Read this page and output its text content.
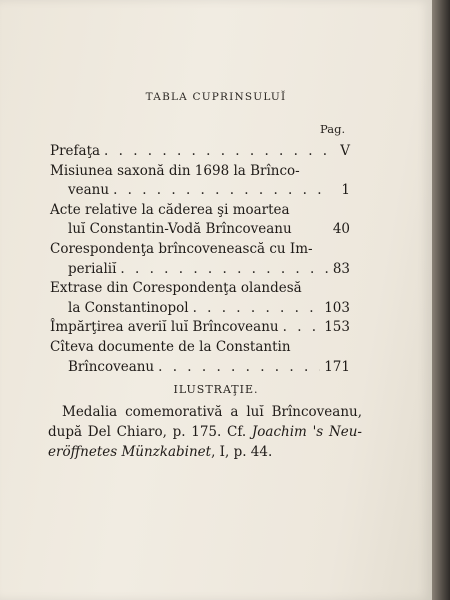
TABLA CUPRINSULUĬ
Pag.
Prefaţa . . .	V
Misiunea saxonă din 1698 la Brînco-
veanu . . .	1
Acte relative la căderea şi moartea
luĭ Constantin-Vodă Brîncoveanu	40
Corespondenţa brîncovenească cu Im-
perialiĭ . . .	83
Extrase din Corespondenţa olandesă
la Constantinopol . . .	103
Împărţirea averiĭ luĭ Brîncoveanu . . .	153
Cîteva documente de la Constantin
Brîncoveanu . . .	171
ILUSTRAŢIE.
Medalia comemorativă a luĭ Brîncoveanu,
după Del Chiaro, p. 175. Cf. Joachim 's Neu-
eröffnetes Münzkabinet, I, p. 44.
